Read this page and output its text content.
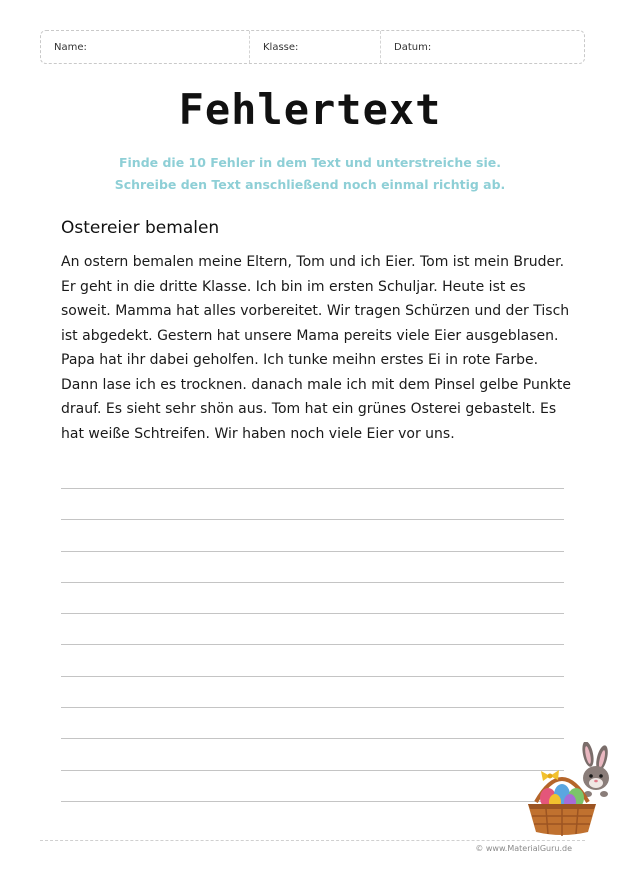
Name:	Klasse:	Datum:
Fehlertext
Finde die 10 Fehler in dem Text und unterstreiche sie.
Schreibe den Text anschließend noch einmal richtig ab.
Ostereier bemalen
An ostern bemalen meine Eltern, Tom und ich Eier. Tom ist mein Bruder.
Er geht in die dritte Klasse. Ich bin im ersten Schuljar. Heute ist es
soweit. Mamma hat alles vorbereitet. Wir tragen Schürzen und der Tisch
ist abgedekt. Gestern hat unsere Mama pereits viele Eier ausgeblasen.
Papa hat ihr dabei geholfen. Ich tunke meihn erstes Ei in rote Farbe.
Dann lase ich es trocknen. danach male ich mit dem Pinsel gelbe Punkte
drauf. Es sieht sehr shön aus. Tom hat ein grünes Osterei gebastelt. Es
hat weiße Schtreifen. Wir haben noch viele Eier vor uns.
© www.MaterialGuru.de
